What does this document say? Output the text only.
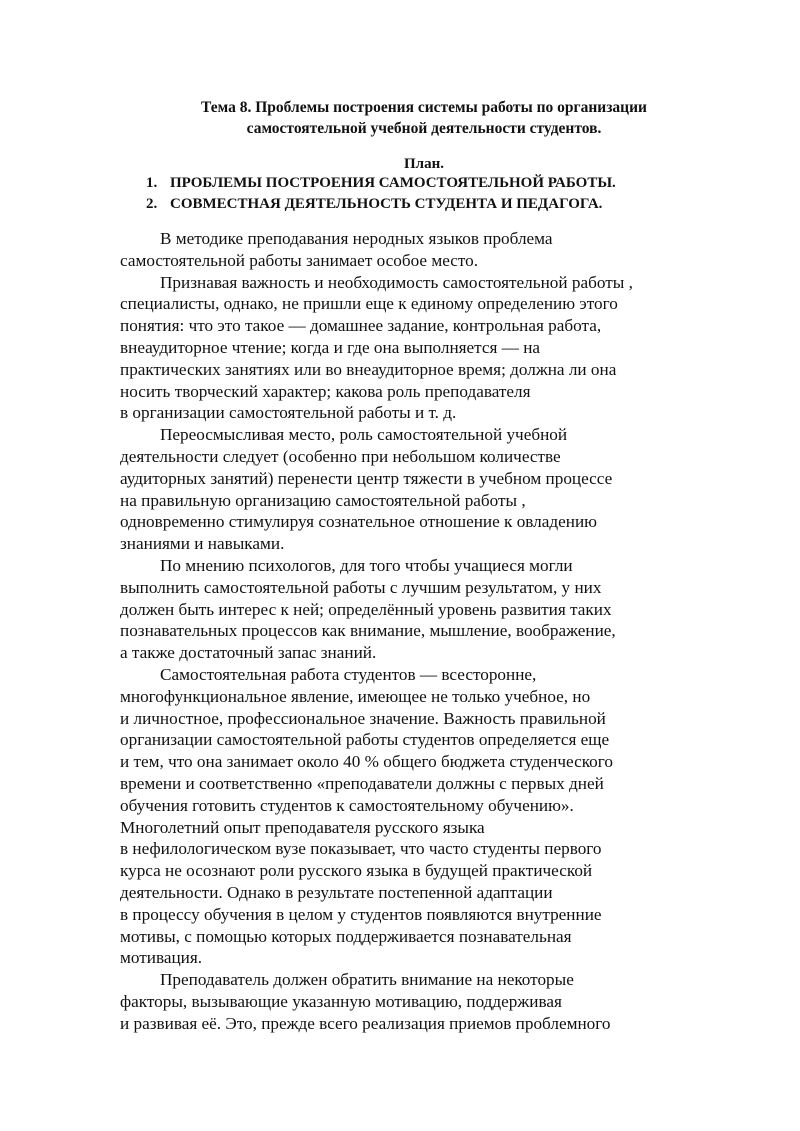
Тема 8. Проблемы построения системы работы по организации
самостоятельной учебной деятельности студентов.
План.
1. ПРОБЛЕМЫ ПОСТРОЕНИЯ САМОСТОЯТЕЛЬНОЙ РАБОТЫ.
2. СОВМЕСТНАЯ ДЕЯТЕЛЬНОСТЬ СТУДЕНТА И ПЕДАГОГА.

В методике преподавания неродных языков проблема
самостоятельной работы занимает особое место.

Признавая важность и необходимость самостоятельной работы ,
специалисты, однако, не пришли еще к единому определению этого
понятия: что это такое — домашнее задание, контрольная работа,
внеаудиторное чтение; когда и где она выполняется — на
практических занятиях или во внеаудиторное время; должна ли она
носить творческий характер; какова роль преподавателя
в организации самостоятельной работы и т. д.

Переосмысливая место, роль самостоятельной учебной
деятельности следует (особенно при небольшом количестве
аудиторных занятий) перенести центр тяжести в учебном процессе
на правильную организацию самостоятельной работы ,
одновременно стимулируя сознательное отношение к овладению
знаниями и навыками.

По мнению психологов, для того чтобы учащиеся могли
выполнить самостоятельной работы с лучшим результатом, у них
должен быть интерес к ней; определённый уровень развития таких
познавательных процессов как внимание, мышление, воображение,
а также достаточный запас знаний.

Самостоятельная работа студентов — всесторонне,
многофункциональное явление, имеющее не только учебное, но
и личностное, профессиональное значение. Важность правильной
организации самостоятельной работы студентов определяется еще
и тем, что она занимает около 40 % общего бюджета студенческого
времени и соответственно «преподаватели должны с первых дней
обучения готовить студентов к самостоятельному обучению».
Многолетний опыт преподавателя русского языка
в нефилологическом вузе показывает, что часто студенты первого
курса не осознают роли русского языка в будущей практической
деятельности. Однако в результате постепенной адаптации
в процессу обучения в целом у студентов появляются внутренние
мотивы, с помощью которых поддерживается познавательная
мотивация.

Преподаватель должен обратить внимание на некоторые
факторы, вызывающие указанную мотивацию, поддерживая
и развивая её. Это, прежде всего реализация приемов проблемного
